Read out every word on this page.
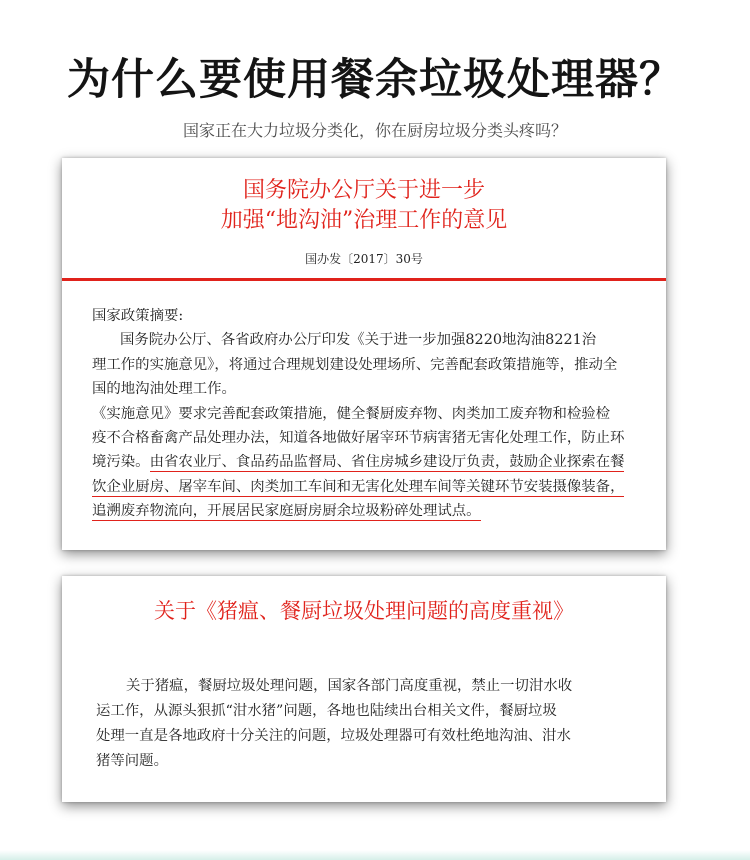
为什么要使用餐余垃圾处理器？
国家正在大力垃圾分类化，你在厨房垃圾分类头疼吗？
国务院办公厅关于进一步
加强“地沟油”治理工作的意见
国办发〔2017〕30号

国家政策摘要:

国务院办公厅、各省政府办公厅印发《关于进一步加强8220地沟油8221治

理工作的实施意见》，将通过合理规划建设处理场所、完善配套政策措施等，推动全

国的地沟油处理工作。

《实施意见》要求完善配套政策措施，健全餐厨废弃物、肉类加工废弃物和检验检

疫不合格畜禽产品处理办法，知道各地做好屠宰环节病害猪无害化处理工作，防止环

境污染。由省农业厅、食品药品监督局、省住房城乡建设厅负责，鼓励企业探索在餐

饮企业厨房、屠宰车间、肉类加工车间和无害化处理车间等关键环节安装摄像装备，

追溯废弃物流向，开展居民家庭厨房厨余垃圾粉碎处理试点。

关于《猪瘟、餐厨垃圾处理问题的高度重视》

关于猪瘟，餐厨垃圾处理问题，国家各部门高度重视，禁止一切泔水收

运工作，从源头狠抓“泔水猪”问题，各地也陆续出台相关文件，餐厨垃圾

处理一直是各地政府十分关注的问题，垃圾处理器可有效杜绝地沟油、泔水

猪等问题。
